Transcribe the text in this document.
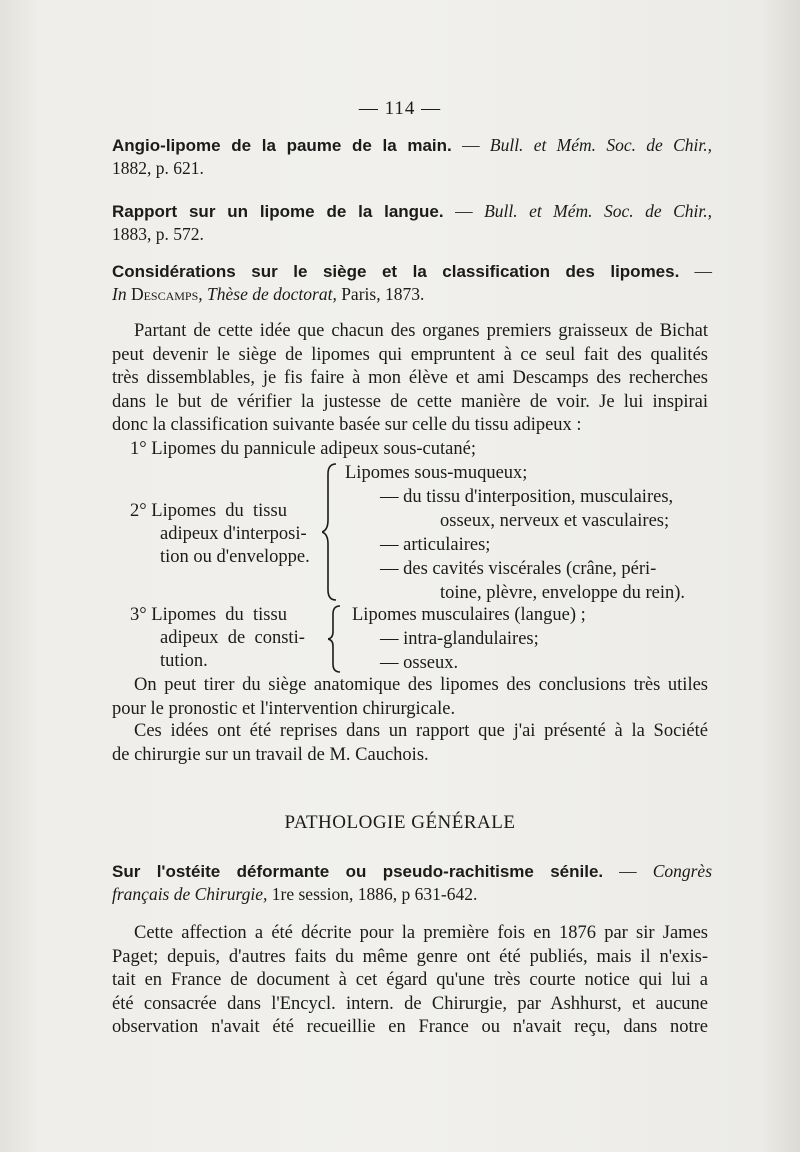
— 114 —
Angio-lipome de la paume de la main. — Bull. et Mém. Soc. de Chir.,
1882, p. 621.
Rapport sur un lipome de la langue. — Bull. et Mém. Soc. de Chir.,
1883, p. 572.
Considérations sur le siège et la classification des lipomes. —
In Descamps, Thèse de doctorat, Paris, 1873.
Partant de cette idée que chacun des organes premiers graisseux de Bichat
peut devenir le siège de lipomes qui empruntent à ce seul fait des qualités
très dissemblables, je fis faire à mon élève et ami Descamps des recherches
dans le but de vérifier la justesse de cette manière de voir. Je lui inspirai
donc la classification suivante basée sur celle du tissu adipeux :
1° Lipomes du pannicule adipeux sous-cutané;
2° Lipomes  du  tissu
adipeux d'interposi-
tion ou d'enveloppe.
Lipomes sous-muqueux;
— du tissu d'interposition, musculaires,
osseux, nerveux et vasculaires;
— articulaires;
— des cavités viscérales (crâne, péri-
toine, plèvre, enveloppe du rein).
3° Lipomes  du  tissu
adipeux  de  consti-
tution.
Lipomes musculaires (langue) ;
— intra-glandulaires;
— osseux.
On peut tirer du siège anatomique des lipomes des conclusions très utiles
pour le pronostic et l'intervention chirurgicale.
Ces idées ont été reprises dans un rapport que j'ai présenté à la Société
de chirurgie sur un travail de M. Cauchois.
PATHOLOGIE GÉNÉRALE
Sur l'ostéite déformante ou pseudo-rachitisme sénile. — Congrès
français de Chirurgie, 1re session, 1886, p 631-642.
Cette affection a été décrite pour la première fois en 1876 par sir James
Paget; depuis, d'autres faits du même genre ont été publiés, mais il n'exis-
tait en France de document à cet égard qu'une très courte notice qui lui a
été consacrée dans l'Encycl. intern. de Chirurgie, par Ashhurst, et aucune
observation n'avait été recueillie en France ou n'avait reçu, dans notre
